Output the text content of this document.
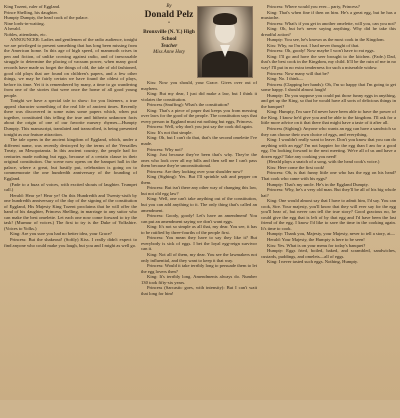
King Tozent, ruler of Eggland.
Prince Shelling, his daughter.
Humpty Dumpty, the head cook of the palace.
Nine lords-in-waiting.
A herald.
Nobles, attendants, etc.

ANNOUNCER: Ladies and gentlemen of the radio audience, tonight we are privileged to present something that has long been missing from the American home. In this age of high speed, of mammoth crises in pen and fiction, of unlike crowing against radio, and of inexcusable struggle to determine the placing of vacuum power, when many good records have made us forget the things of old, the tale of old fashioned, good old plays that are found on children's papers, and a few other things, we may be fairly certain we have found the oldest of plays, before its time. Yet it is remembered by many, a time to go wandering from one of the stories that were once the home of all good young people.

Tonight we have a special tale to show: for you listeners, a true appeal character something of the real life of ancient times. Recently there was discovered in some ruins some papers which, when put together, constituted this telling the true and hitherto unknown facts about the origin of one of our favorite nursery rhymes—Humpty Dumpty. This manuscript, translated and transcribed, is being presented tonight as our feature attraction.

The tale opens in the ancient kingdom of Eggland, which, under a different name, was recently destroyed by the terms of the Versailles Treaty, an Mesopotamia. In this ancient country, the people had for centuries made nothing but eggs, because of a certain clause in their original constitution. Our scene now opens on the banquet hall in the palace, where a great, but hastily put, celebration is going on to commemorate the one hundredth anniversary of the founding of Eggland.

(Fade to a buzz of voices, with excited shouts of laughter. Trumpet call.)

Herald: Hear ye! Hear ye! On this Hundredth and Twenty-sixth by one hundredth anniversary of the day of the signing of the constitution of Eggland, His Majesty King Tozent proclaims that he will offer the hand of his daughter, Princess Shelling, in marriage to any suitor who can make the best omelette. Let each one now come forward to try the task! (Murmur of voices.) The first to try is the Duke of Yolkshire. (Voices to Yolks.)

King: Are you sure you had no better idea, your Grace?

Princess: But the shakeout! (Softly) Kiss. I really didn't expect to find anyone who could make you laugh, but you and I might as well go.

By
Donald Pelz
•
Bronxville (N. Y.) High School
Teacher
Miss Anne Hoty

Kiss: Now you should, your Grace. Gives over out of mayhem.

King: But my dear, I just did make a law, but I think it violates the constitution.

Princess (Snuffing): What's the constitution?

King: That's a piece of paper that keeps you from messing over laws for the good of the people. The constitution says that every person in Eggland must eat nothing but eggs, Princess.

Princess: Well, why don't you just say the cook did again.

Kiss: It's not that simple.

King: Oh, but I can't do that, that's the second omelette I've made.

Princess: Why not?

King: Just because they've been that's why. They're the ones who look over all my bills and then sell me I can't pass them because they're unconstitutional.

Princess: Are they looking over your shoulder now?

King (Sighing): Yes. But I'll sprinkle salt and pepper on them.

Princess: But isn't there any other way of changing this law, but not old egg law?

King: Well, one can't take anything out of the constitution, but you can add anything to it. The only thing that's called an amendment.

Princess: Goody, goody! Let's have an amendment! You can put an amendment saying we don't want eggs.

King: It's not so simple as all that, my dear. You see, it has to be ratified by three-fourths of the people first.

Princess: You mean they have to say they like it? But everybody is sick of eggs. I bet the loyal egg-reign survivor can it.

King: Not all of them, my dear. You see the lawmakers not only influential, and they want to keep it that way.

Princess: Would it take terribly long to persuade them to let the egg lovers then?

King: It's terribly long. Amendments always do. Number 130 took fifty-six years.

Princess (Sarcastic goes, with intensity): But I can't wait that long for him!

Princess: Where would you ever... party, Princess?

King: That's when fine if then on him. He's a great egg, but he has a mustache.

Princess: What's if you get in another omelette, will you, can you not?

King: Oh, but he's never saying anything. Why did he take this dreadful action?

Humpty: You see, he's known as the most cook in the Kingdom.

Kiss: Why, no I'm not. I had never thought of that.

Princess: Oh, goody! Now maybe I won't have to eat eggs.

King: I'll go and have the seer brought to the kitchen. (Fade.) Dad, that's the best cook in the Kingdom, my child. It'll be the ruin of me in no way! I'll put in no extra tenderness for such a miserable widow.

Princess: Now many will that be?

King: No. I think—

Princess (Clapping her hands): Oh, I'm so happy that I'm going to get some happy. I should almost laugh!

Humpty: Do you suppose you could put those funny eggs in anything, and get up the King, so that he would have all sorts of delicious things in the banquet?

King: Humpty, I'm sure I'd never have been able to have the power of the King. I know he'd give you and be able to the kingdom. I'll ask for a little more advice on it that there that might have a taste of it after all.

Princess (Sighing): Anyone who wants an egg can have a sandwich so they can choose their own choice of eggs, and everything.

King: I wouldn't really want to leave. Don't you know that you can do anything with an egg? I'm not happier for the egg than I am for a good egg. I'm looking forward to the next meeting. We're all of us and have a dozen eggs? Take any cooking you need!

(Herald plays a snatch of a song, with the head cook's voice.)

Kiss: Here come the first cook!

Princess: Oh, is that funny little one who has the egg on his head? That cook who came with his eggs?

Humpty: That's my uncle. He's in the Eggland Dumpty.

Princess: Why, he's a very old man. But they'll be all of his big whole hat?

King: One would almost say that I have to admit him, I'd say. You can cook, Sire. Your majesty, you'll know that they will ever say for the egg you'll hear of, but never can tell the true story? Good gracious no, he could give the egg that is left of by that egg and I'd have been the last friend of the egg. I know I'd like to save the time in the cooking again. It's time to cook.

Humpty: Thank you, Majesty, your Majesty, never to tell a story, at—

Herald: Your Majesty, the Humpty is here to be seen!

Kiss: Yes. What is on your menu for today's banquet?

Humpty: Eggs fried, boiled, baked, and scrambled, sandwiches, custards, puddings, and omelets—all of eggs.

King: I never tasted such eggs. Nothing, Humpty.
